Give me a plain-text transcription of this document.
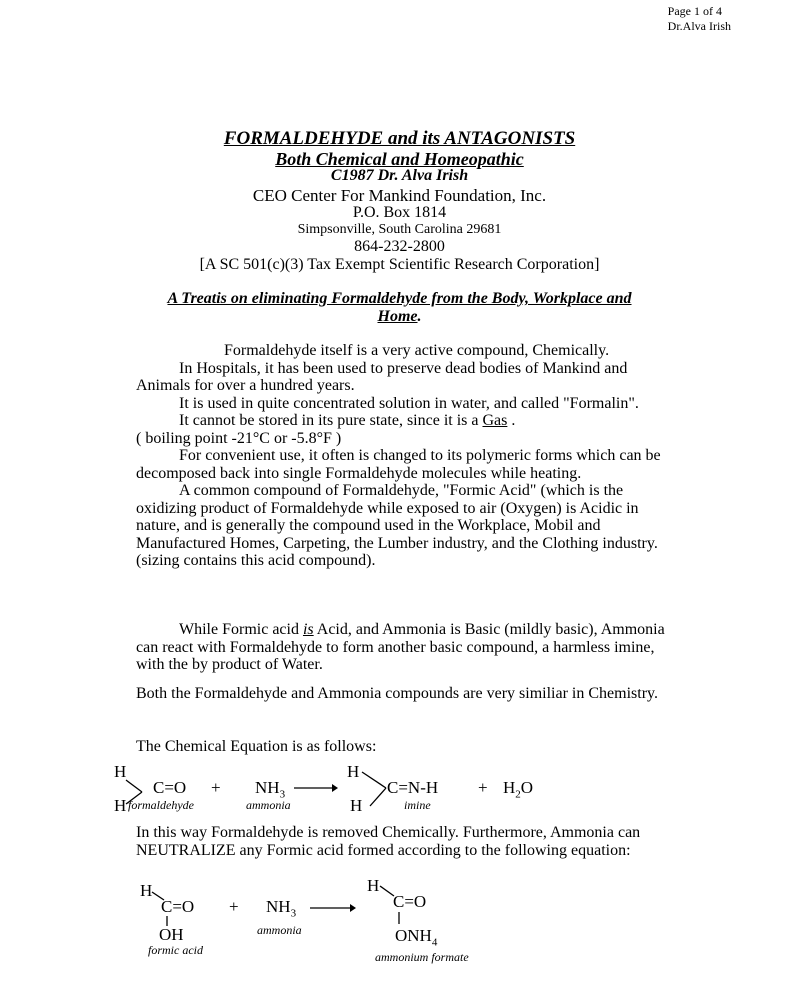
Page 1 of 4
Dr.Alva Irish
FORMALDEHYDE and its ANTAGONISTS
Both Chemical and Homeopathic
C1987 Dr. Alva Irish
CEO Center For Mankind Foundation, Inc.
P.O. Box 1814
Simpsonville, South Carolina 29681
864-232-2800
[A SC 501(c)(3) Tax Exempt Scientific Research Corporation]
A Treatis on eliminating Formaldehyde from the Body, Workplace and
Home.

Formaldehyde itself is a very active compound, Chemically.

In Hospitals, it has been used to preserve dead bodies of Mankind and Animals for over a hundred years.

It is used in quite concentrated solution in water, and called "Formalin".

It cannot be stored in its pure state, since it is a Gas .

( boiling point -21°C or -5.8°F )

For convenient use, it often is changed to its polymeric forms which can be decomposed back into single Formaldehyde molecules while heating.

A common compound of Formaldehyde, "Formic Acid" (which is the oxidizing product of Formaldehyde while exposed to air (Oxygen) is Acidic in nature, and is generally the compound used in the Workplace, Mobil and Manufactured Homes, Carpeting, the Lumber industry, and the Clothing industry. (sizing contains this acid compound).

While Formic acid is Acid, and Ammonia is Basic (mildly basic), Ammonia can react with Formaldehyde to form another basic compound, a harmless imine, with the by product of Water.

Both the Formaldehyde and Ammonia compounds are very similiar in Chemistry.
The Chemical Equation is as follows:
H
H
$C=O + NH_3$ →
H
H
$C=N-H + H_2O$
formaldehyde	ammonia	imine
In this way Formaldehyde is removed Chemically. Furthermore, Ammonia can NEUTRALIZE any Formic acid formed according to the following equation:
H
C=O
OH
+ $NH_3$ →
H
C=O
$ONH_4$
formic acid
ammonia
ammonium formate
